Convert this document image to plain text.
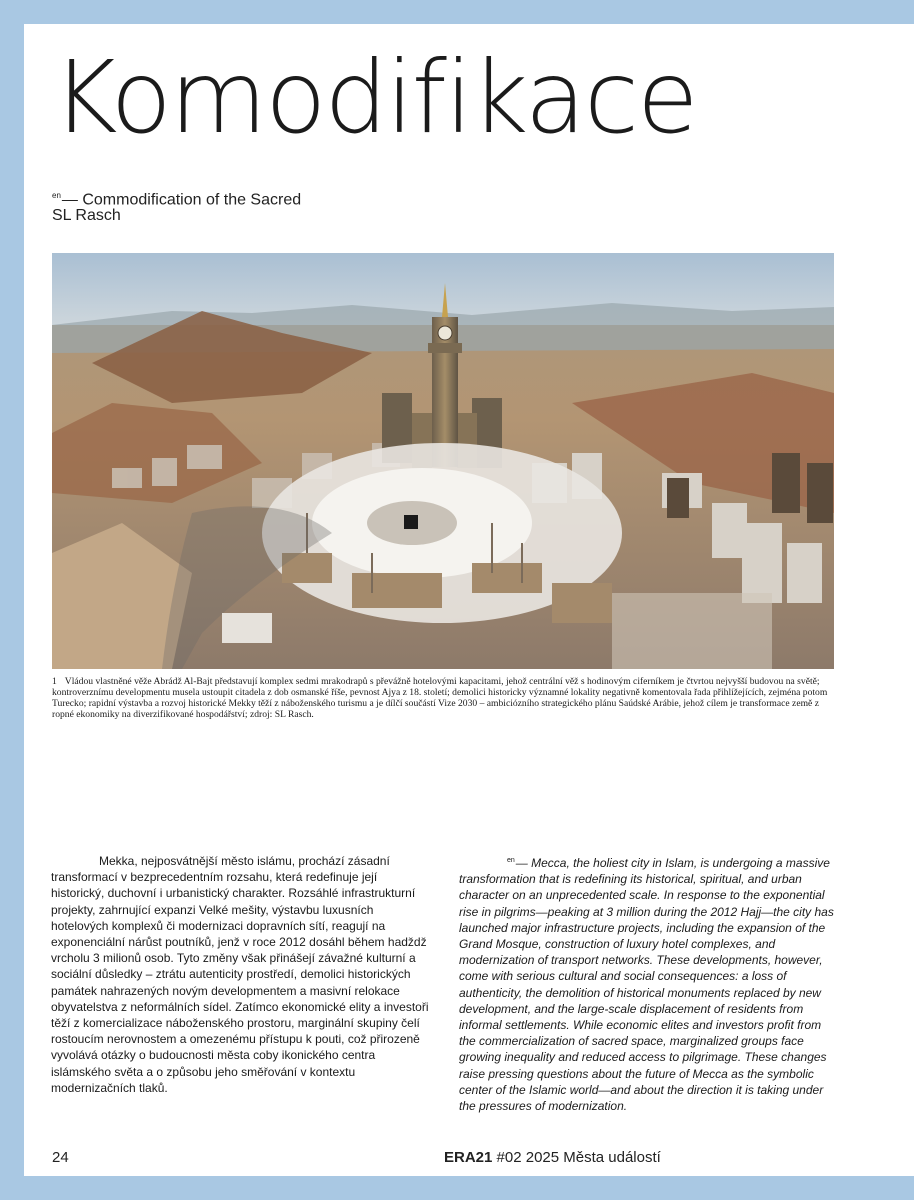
Komodifikace
$^{en}$— Commodification of the Sacred
SL Rasch
1 Vládou vlastněné věže Abrádž Al-Bajt představují komplex sedmi mrakodrapů s převážně hotelovými kapacitami, jehož centrální věž s hodinovým ciferníkem je čtvrtou nejvyšší budovou na světě; kontroverznímu developmentu musela ustoupit citadela z dob osmanské říše, pevnost Ajya z 18. století; demolici historicky významné lokality negativně komentovala řada přihlížejících, zejména potom Turecko; rapidní výstavba a rozvoj historické Mekky těží z náboženského turismu a je dílčí součástí Vize 2030 – ambiciózního strategického plánu Saúdské Arábie, jehož cílem je transformace země z ropné ekonomiky na diverzifikované hospodářství; zdroj: SL Rasch.

Mekka, nejposvátnější město islámu, prochází zásadní transformací v bezprecedentním rozsahu, která redefinuje její historický, duchovní i urbanistický charakter. Rozsáhlé infrastrukturní projekty, zahrnující expanzi Velké mešity, výstavbu luxusních hotelových komplexů či modernizaci dopravních sítí, reagují na exponenciální nárůst poutníků, jenž v roce 2012 dosáhl během hadždž vrcholu 3 milionů osob. Tyto změny však přinášejí závažné kulturní a sociální důsledky – ztrátu autenticity prostředí, demolici historických památek nahrazených novým developmentem a masivní relokace obyvatelstva z neformálních sídel. Zatímco ekonomické elity a investoři těží z komercializace náboženského prostoru, marginální skupiny čelí rostoucím nerovnostem a omezenému přístupu k pouti, což přirozeně vyvolává otázky o budoucnosti města coby ikonického centra islámského světa a o způsobu jeho směřování v kontextu modernizačních tlaků.

$^{en}$— Mecca, the holiest city in Islam, is undergoing a massive transformation that is redefining its historical, spiritual, and urban character on an unprecedented scale. In response to the exponential rise in pilgrims—peaking at 3 million during the 2012 Hajj—the city has launched major infrastructure projects, including the expansion of the Grand Mosque, construction of luxury hotel complexes, and modernization of transport networks. These developments, however, come with serious cultural and social consequences: a loss of authenticity, the demolition of historical monuments replaced by new development, and the large-scale displacement of residents from informal settlements. While economic elites and investors profit from the commercialization of sacred space, marginalized groups face growing inequality and reduced access to pilgrimage. These changes raise pressing questions about the future of Mecca as the symbolic center of the Islamic world—and about the direction it is taking under the pressures of modernization.

24	ERA21 #02 2025 Města událostí
